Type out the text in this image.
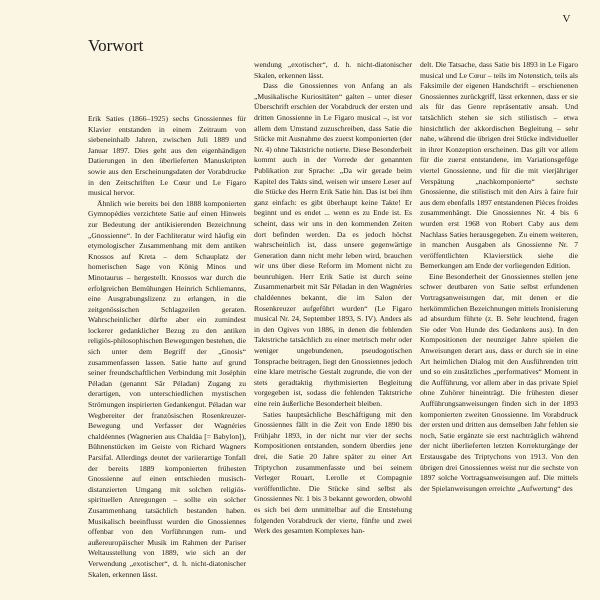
V
Vorwort

Erik Saties (1866–1925) sechs Gnossiennes für Klavier entstanden in einem Zeitraum von siebeneinhalb Jahren, zwischen Juli 1889 und Januar 1897. Dies geht aus den eigenhändigen Datierungen in den überlieferten Manuskripten sowie aus den Erscheinungsdaten der Vorabdrucke in den Zeitschriften Le Cœur und Le Figaro musical hervor.

Ähnlich wie bereits bei den 1888 komponierten Gymnopédies verzichtete Satie auf einen Hinweis zur Bedeutung der antikisierenden Bezeichnung „Gnossienne“. In der Fachliteratur wird häufig ein etymologischer Zusammenhang mit dem antiken Knossos auf Kreta – dem Schauplatz der homerischen Sage von König Minos und Minotaurus – hergestellt. Knossos war durch die erfolgreichen Bemühungen Heinrich Schliemanns, eine Ausgrabungslizenz zu erlangen, in die zeitgenössischen Schlagzeilen geraten. Wahrscheinlicher dürfte aber ein zumindest lockerer gedanklicher Bezug zu den antiken religiös-philosophischen Bewegungen bestehen, die sich unter dem Begriff der „Gnosis“ zusammenfassen lassen. Satie hatte auf grund seiner freundschaftlichen Verbindung mit Joséphin Péladan (genannt Sâr Péladan) Zugang zu derartigen, von unterschiedlichen mystischen Strömungen inspirierten Gedankengut. Péladan war Wegbereiter der französischen Rosenkreuzer-Bewegung und Verfasser der Wagnéries chaldéennes (Wagnerien aus Chaldäa [= Babylon]), Bühnenstücken im Geiste von Richard Wagners Parsifal. Allerdings deutet der variierartige Tonfall der bereits 1889 komponierten frühesten Gnossienne auf einen entschieden musisch-distanzierten Umgang mit solchen religiös-spirituellen Anregungen – sollte ein solcher Zusammenhang tatsächlich bestanden haben. Musikalisch beeinflusst wurden die Gnossiennes offenbar von den Vorführungen rum- und außereuropäischer Musik im Rahmen der Pariser Weltausstellung von 1889, wie sich an der Verwendung „exotischer“, d. h. nicht-diatonischer Skalen, erkennen lässt.

wendung „exotischer“, d. h. nicht-diatonischer Skalen, erkennen lässt.

Dass die Gnossiennes von Anfang an als „Musikalische Kuriositäten“ galten – unter dieser Überschrift erschien der Vorabdruck der ersten und dritten Gnossienne in Le Figaro musical –, ist vor allem dem Umstand zuzuschreiben, dass Satie die Stücke mit Ausnahme des zuerst komponierten (der Nr. 4) ohne Taktstriche notierte. Diese Besonderheit kommt auch in der Vorrede der genannten Publikation zur Sprache: „Da wir gerade beim Kapitel des Takts sind, weisen wir unsere Leser auf die Stücke des Herrn Erik Satie hin. Das ist bei ihm ganz einfach: es gibt überhaupt keine Takte! Er beginnt und es endet ... wenn es zu Ende ist. Es scheint, dass wir uns in den kommenden Zeiten dort befinden werden. Da es jedoch höchst wahrscheinlich ist, dass unsere gegenwärtige Generation dann nicht mehr leben wird, brauchen wir uns über diese Reform im Moment nicht zu beunruhigen. Herr Erik Satie ist durch seine Zusammenarbeit mit Sâr Péladan in den Wagnéries chaldéennes bekannt, die im Salon der Rosenkreuzer aufgeführt wurden“ (Le Figaro musical Nr. 24, September 1893, S. IV). Anders als in den Ogives von 1886, in denen die fehlenden Taktstriche tatsächlich zu einer metrisch mehr oder weniger ungebundenen, pseudogotischen Tonsprache beitragen, liegt den Gnossiennes jedoch eine klare metrische Gestalt zugrunde, die von der stets geradtaktig rhythmisierten Begleitung vorgegeben ist, sodass die fehlenden Taktstriche eine rein äußerliche Besonderheit bleiben.

Saties hauptsächliche Beschäftigung mit den Gnossiennes fällt in die Zeit von Ende 1890 bis Frühjahr 1893, in der nicht nur vier der sechs Kompositionen entstanden, sondern überdies jene drei, die Satie 20 Jahre später zu einer Art Triptychon zusammenfasste und bei seinem Verleger Rouart, Lerolle et Compagnie veröffentlichte. Die Stücke sind selbst als Gnossiennes Nr. 1 bis 3 bekannt geworden, obwohl es sich bei dem unmittelbar auf die Entstehung folgenden Vorabdruck der vierte, fünfte und zwei Werk des gesamten Komplexes han-

delt. Die Tatsache, dass Satie bis 1893 in Le Figaro musical und Le Cœur – teils im Notenstich, teils als Faksimile der eigenen Handschrift – erschienenen Gnossiennes zurückgriff, lässt erkennen, dass er sie als für das Genre repräsentativ ansah. Und tatsächlich stehen sie sich stilistisch – etwa hinsichtlich der akkordischen Begleitung – sehr nahe, während die übrigen drei Stücke individueller in ihrer Konzeption erscheinen. Das gilt vor allem für die zuerst entstandene, im Variationsgefüge viertel Gnossienne, und für die mit vierjähriger Verspätung „nachkomponierte“ sechste Gnossienne, die stilistisch mit den Airs à faire fuir aus dem ebenfalls 1897 entstandenen Pièces froides zusammenhängt. Die Gnossiennes Nr. 4 bis 6 wurden erst 1968 von Robert Caby aus dem Nachlass Saties herausgegeben. Zu einem weiteren, in manchen Ausgaben als Gnossienne Nr. 7 veröffentlichten Klavierstück siehe die Bemerkungen am Ende der vorliegenden Edition.

Eine Besonderheit der Gnossiennes stellen jene schwer deutbaren von Satie selbst erfundenen Vortragsanweisungen dar, mit denen er die herkömmlichen Bezeichnungen mittels Ironisierung ad absurdum führte (z. B. Sehr leuchtend, fragen Sie oder Von Hunde des Gedankens aus). In den Kompositionen der neunziger Jahre spielen die Anweisungen derart aus, dass er durch sie in eine Art heimlichen Dialog mit den Ausführenden tritt und so ein zusätzliches „performatives“ Moment in die Aufführung, vor allem aber in das private Spiel ohne Zuhörer hineinträgt. Die frühesten dieser Aufführungsanweisungen finden sich in der 1893 komponierten zweiten Gnossienne. Im Vorabdruck der ersten und dritten aus demselben Jahr fehlen sie noch, Satie ergänzte sie erst nachträglich während der nicht überlieferten letzten Korrekturgänge der Erstausgabe des Triptychons von 1913. Von den übrigen drei Gnossiennes weist nur die sechste von 1897 solche Vortragsanweisungen auf. Die mittels der Spielanweisungen erreichte „Aufwertung“ des
